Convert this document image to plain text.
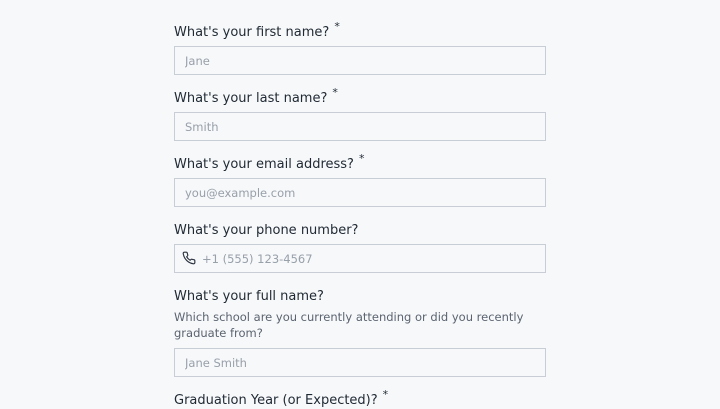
What's your first name? *
Jane
What's your last name? *
Smith
What's your email address? *
you@example.com
What's your phone number?
+1 (555) 123-4567
What's your full name?
Which school are you currently attending or did you recently graduate from?
Jane Smith
Graduation Year (or Expected)? *
